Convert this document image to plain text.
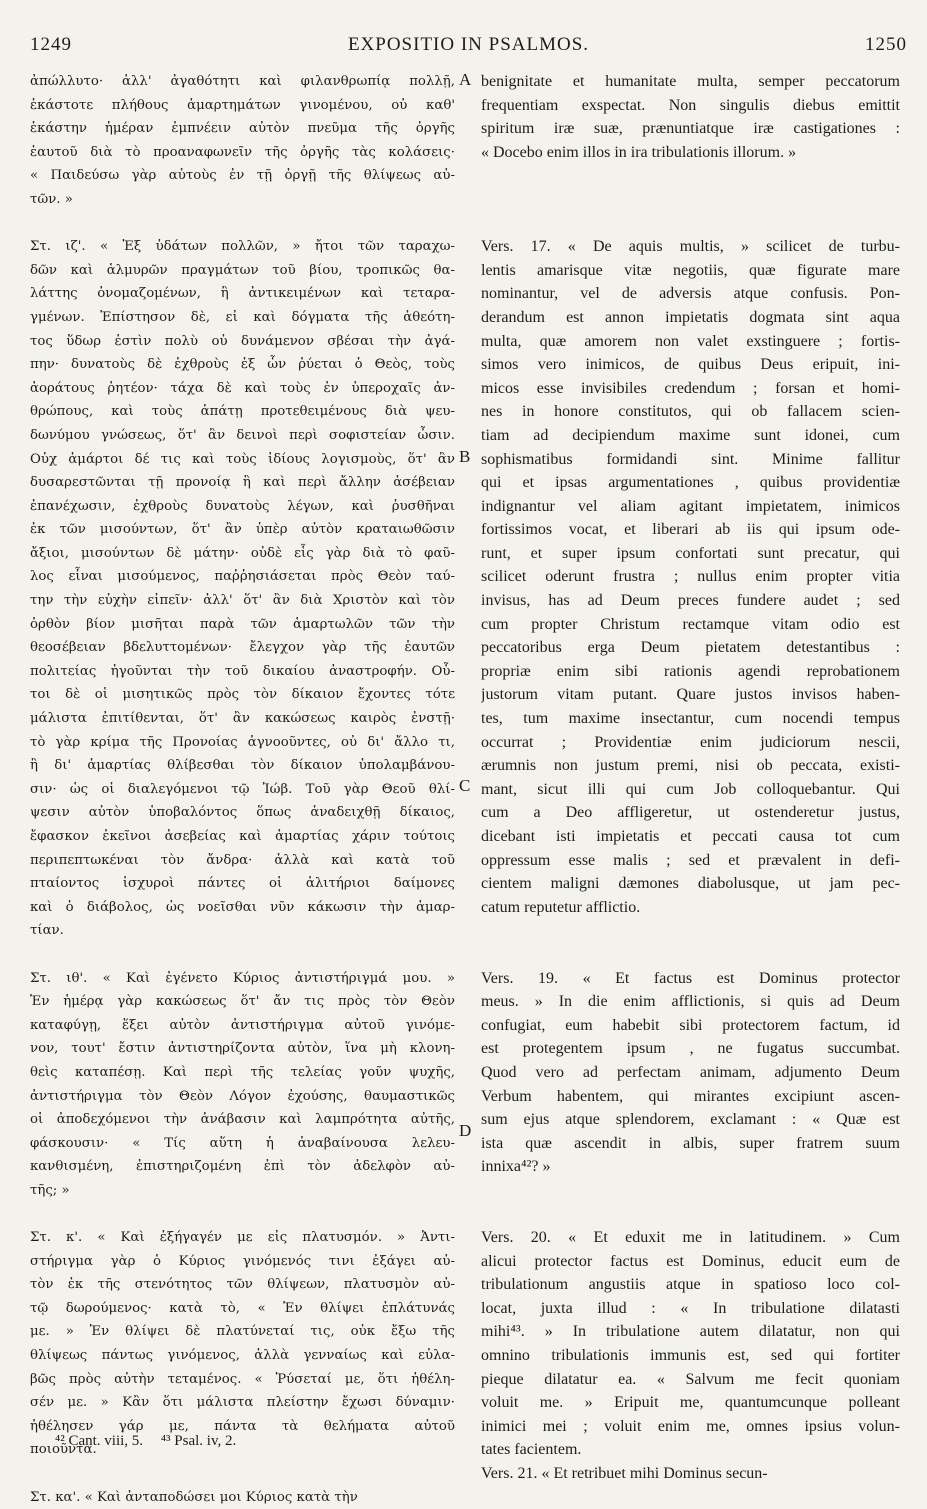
1249	EXPOSITIO IN PSALMOS.	1250
ἀπώλλυτο· ἀλλ' ἀγαθότητι καὶ φιλανθρωπίᾳ πολλῇ,
ἑκάστοτε πλήθους ἁμαρτημάτων γινομένου, οὐ καθ'
ἑκάστην ἡμέραν ἐμπνέειν αὐτὸν πνεῦμα τῆς ὀργῆς
ἑαυτοῦ διὰ τὸ προαναφωνεῖν τῆς ὀργῆς τὰς κολάσεις·
« Παιδεύσω γὰρ αὐτοὺς ἐν τῇ ὀργῇ τῆς θλίψεως αὐ-
τῶν. »
Στ. ιζ'. « Ἐξ ὑδάτων πολλῶν, » ἤτοι τῶν ταραχω-
δῶν καὶ ἁλμυρῶν πραγμάτων τοῦ βίου, τροπικῶς θα-
λάττης ὀνομαζομένων, ἢ ἀντικειμένων καὶ τεταρα-
γμένων. Ἐπίστησον δὲ, εἰ καὶ δόγματα τῆς ἀθεότη-
τος ὕδωρ ἐστὶν πολὺ οὐ δυνάμενον σβέσαι τὴν ἀγά-
πην· δυνατοὺς δὲ ἐχθροὺς ἐξ ὧν ῥύεται ὁ Θεὸς, τοὺς
ἀοράτους ῥητέον· τάχα δὲ καὶ τοὺς ἐν ὑπεροχαῖς ἀν-
θρώπους, καὶ τοὺς ἀπάτῃ προτεθειμένους διὰ ψευ-
δωνύμου γνώσεως, ὅτ' ἂν δεινοὶ περὶ σοφιστείαν ὦσιν.
Οὐχ ἁμάρτοι δέ τις καὶ τοὺς ἰδίους λογισμοὺς, ὅτ' ἂν
δυσαρεστῶνται τῇ προνοίᾳ ἢ καὶ περὶ ἄλλην ἀσέβειαν
ἐπανέχωσιν, ἐχθροὺς δυνατοὺς λέγων, καὶ ῥυσθῆναι
ἐκ τῶν μισούντων, ὅτ' ἂν ὑπὲρ αὐτὸν κραταιωθῶσιν
ἄξιοι, μισούντων δὲ μάτην· οὐδὲ εἷς γὰρ διὰ τὸ φαῦ-
λος εἶναι μισούμενος, παῤῥησιάσεται πρὸς Θεὸν ταύ-
την τὴν εὐχὴν εἰπεῖν· ἀλλ' ὅτ' ἂν διὰ Χριστὸν καὶ τὸν
ὀρθὸν βίον μισῆται παρὰ τῶν ἁμαρτωλῶν τῶν τὴν
θεοσέβειαν βδελυττομένων· ἔλεγχον γὰρ τῆς ἑαυτῶν
πολιτείας ἡγοῦνται τὴν τοῦ δικαίου ἀναστροφήν. Οὗ-
τοι δὲ οἱ μισητικῶς πρὸς τὸν δίκαιον ἔχοντες τότε
μάλιστα ἐπιτίθενται, ὅτ' ἂν κακώσεως καιρὸς ἐνστῇ·
τὸ γὰρ κρίμα τῆς Προνοίας ἀγνοοῦντες, οὐ δι' ἄλλο τι,
ἢ δι' ἁμαρτίας θλίβεσθαι τὸν δίκαιον ὑπολαμβάνου-
σιν· ὡς οἱ διαλεγόμενοι τῷ Ἰώβ. Τοῦ γὰρ Θεοῦ θλί-
ψεσιν αὐτὸν ὑποβαλόντος ὅπως ἀναδειχθῇ δίκαιος,
ἔφασκον ἐκεῖνοι ἀσεβείας καὶ ἁμαρτίας χάριν τούτοις
περιπεπτωκέναι τὸν ἄνδρα· ἀλλὰ καὶ κατὰ τοῦ
πταίοντος ἰσχυροὶ πάντες οἱ ἀλιτήριοι δαίμονες
καὶ ὁ διάβολος, ὡς νοεῖσθαι νῦν κάκωσιν τὴν ἁμαρ-
τίαν.
Στ. ιθ'. « Καὶ ἐγένετο Κύριος ἀντιστήριγμά μου. »
Ἐν ἡμέρᾳ γὰρ κακώσεως ὅτ' ἄν τις πρὸς τὸν Θεὸν
καταφύγῃ, ἕξει αὐτὸν ἀντιστήριγμα αὐτοῦ γινόμε-
νον, τουτ' ἔστιν ἀντιστηρίζοντα αὐτὸν, ἵνα μὴ κλονη-
θεὶς καταπέσῃ. Καὶ περὶ τῆς τελείας γοῦν ψυχῆς,
ἀντιστήριγμα τὸν Θεὸν Λόγον ἐχούσης, θαυμαστικῶς
οἱ ἀποδεχόμενοι τὴν ἀνάβασιν καὶ λαμπρότητα αὐτῆς,
φάσκουσιν· « Τίς αὕτη ἡ ἀναβαίνουσα λελευ-
κανθισμένη, ἐπιστηριζομένη ἐπὶ τὸν ἀδελφὸν αὐ-
τῆς; »
Στ. κ'. « Καὶ ἐξήγαγέν με εἰς πλατυσμόν. » Ἀντι-
στήριγμα γὰρ ὁ Κύριος γινόμενός τινι ἐξάγει αὐ-
τὸν ἐκ τῆς στενότητος τῶν θλίψεων, πλατυσμὸν αὐ-
τῷ δωρούμενος· κατὰ τὸ, « Ἐν θλίψει ἐπλάτυνάς
με. » Ἐν θλίψει δὲ πλατύνεταί τις, οὐκ ἔξω τῆς
θλίψεως πάντως γινόμενος, ἀλλὰ γενναίως καὶ εὐλα-
βῶς πρὸς αὐτὴν τεταμένος. « Ῥύσεταί με, ὅτι ἠθέλη-
σέν με. » Κἂν ὅτι μάλιστα πλείστην ἔχωσι δύναμιν·
ἠθέλησεν γάρ με, πάντα τὰ θελήματα αὐτοῦ
ποιοῦντα.
Στ. κα'. « Καὶ ἀνταποδώσει μοι Κύριος κατὰ τὴν
benignitate et humanitate multa, semper peccatorum
frequentiam exspectat. Non singulis diebus emittit
spiritum iræ suæ, prænuntiatque iræ castigationes :
« Docebo enim illos in ira tribulationis illorum. »
Vers. 17. « De aquis multis, » scilicet de turbu-
lentis amarisque vitæ negotiis, quæ figurate mare
nominantur, vel de adversis atque confusis. Pon-
derandum est annon impietatis dogmata sint aqua
multa, quæ amorem non valet exstinguere ; fortis-
simos vero inimicos, de quibus Deus eripuit, ini-
micos esse invisibiles credendum ; forsan et homi-
nes in honore constitutos, qui ob fallacem scien-
tiam ad decipiendum maxime sunt idonei, cum
sophismatibus formidandi sint. Minime fallitur
qui et ipsas argumentationes , quibus providentiæ
indignantur vel aliam agitant impietatem, inimicos
fortissimos vocat, et liberari ab iis qui ipsum ode-
runt, et super ipsum confortati sunt precatur, qui
scilicet oderunt frustra ; nullus enim propter vitia
invisus, has ad Deum preces fundere audet ; sed
cum propter Christum rectamque vitam odio est
peccatoribus erga Deum pietatem detestantibus :
propriæ enim sibi rationis agendi reprobationem
justorum vitam putant. Quare justos invisos haben-
tes, tum maxime insectantur, cum nocendi tempus
occurrat ; Providentiæ enim judiciorum nescii,
ærumnis non justum premi, nisi ob peccata, existi-
mant, sicut illi qui cum Job colloquebantur. Qui
cum a Deo affligeretur, ut ostenderetur justus,
dicebant isti impietatis et peccati causa tot cum
oppressum esse malis ; sed et prævalent in defi-
cientem maligni dæmones diabolusque, ut jam pec-
catum reputetur afflictio.
Vers. 19. « Et factus est Dominus protector
meus. » In die enim afflictionis, si quis ad Deum
confugiat, eum habebit sibi protectorem factum, id
est protegentem ipsum , ne fugatus succumbat.
Quod vero ad perfectam animam, adjumento Deum
Verbum habentem, qui mirantes excipiunt ascen-
sum ejus atque splendorem, exclamant : « Quæ est
ista quæ ascendit in albis, super fratrem suum
innixa⁴²? »
Vers. 20. « Et eduxit me in latitudinem. » Cum
alicui protector factus est Dominus, educit eum de
tribulationum angustiis atque in spatioso loco col-
locat, juxta illud : « In tribulatione dilatasti
mihi⁴³. » In tribulatione autem dilatatur, non qui
omnino tribulationis immunis est, sed qui fortiter
pieque dilatatur ea. « Salvum me fecit quoniam
voluit me. » Eripuit me, quantumcunque polleant
inimici mei ; voluit enim me, omnes ipsius volun-
tates facientem.
Vers. 21. « Et retribuet mihi Dominus secun-
A
B
C
D
⁴² Cant. viii, 5. ⁴³ Psal. iv, 2.
